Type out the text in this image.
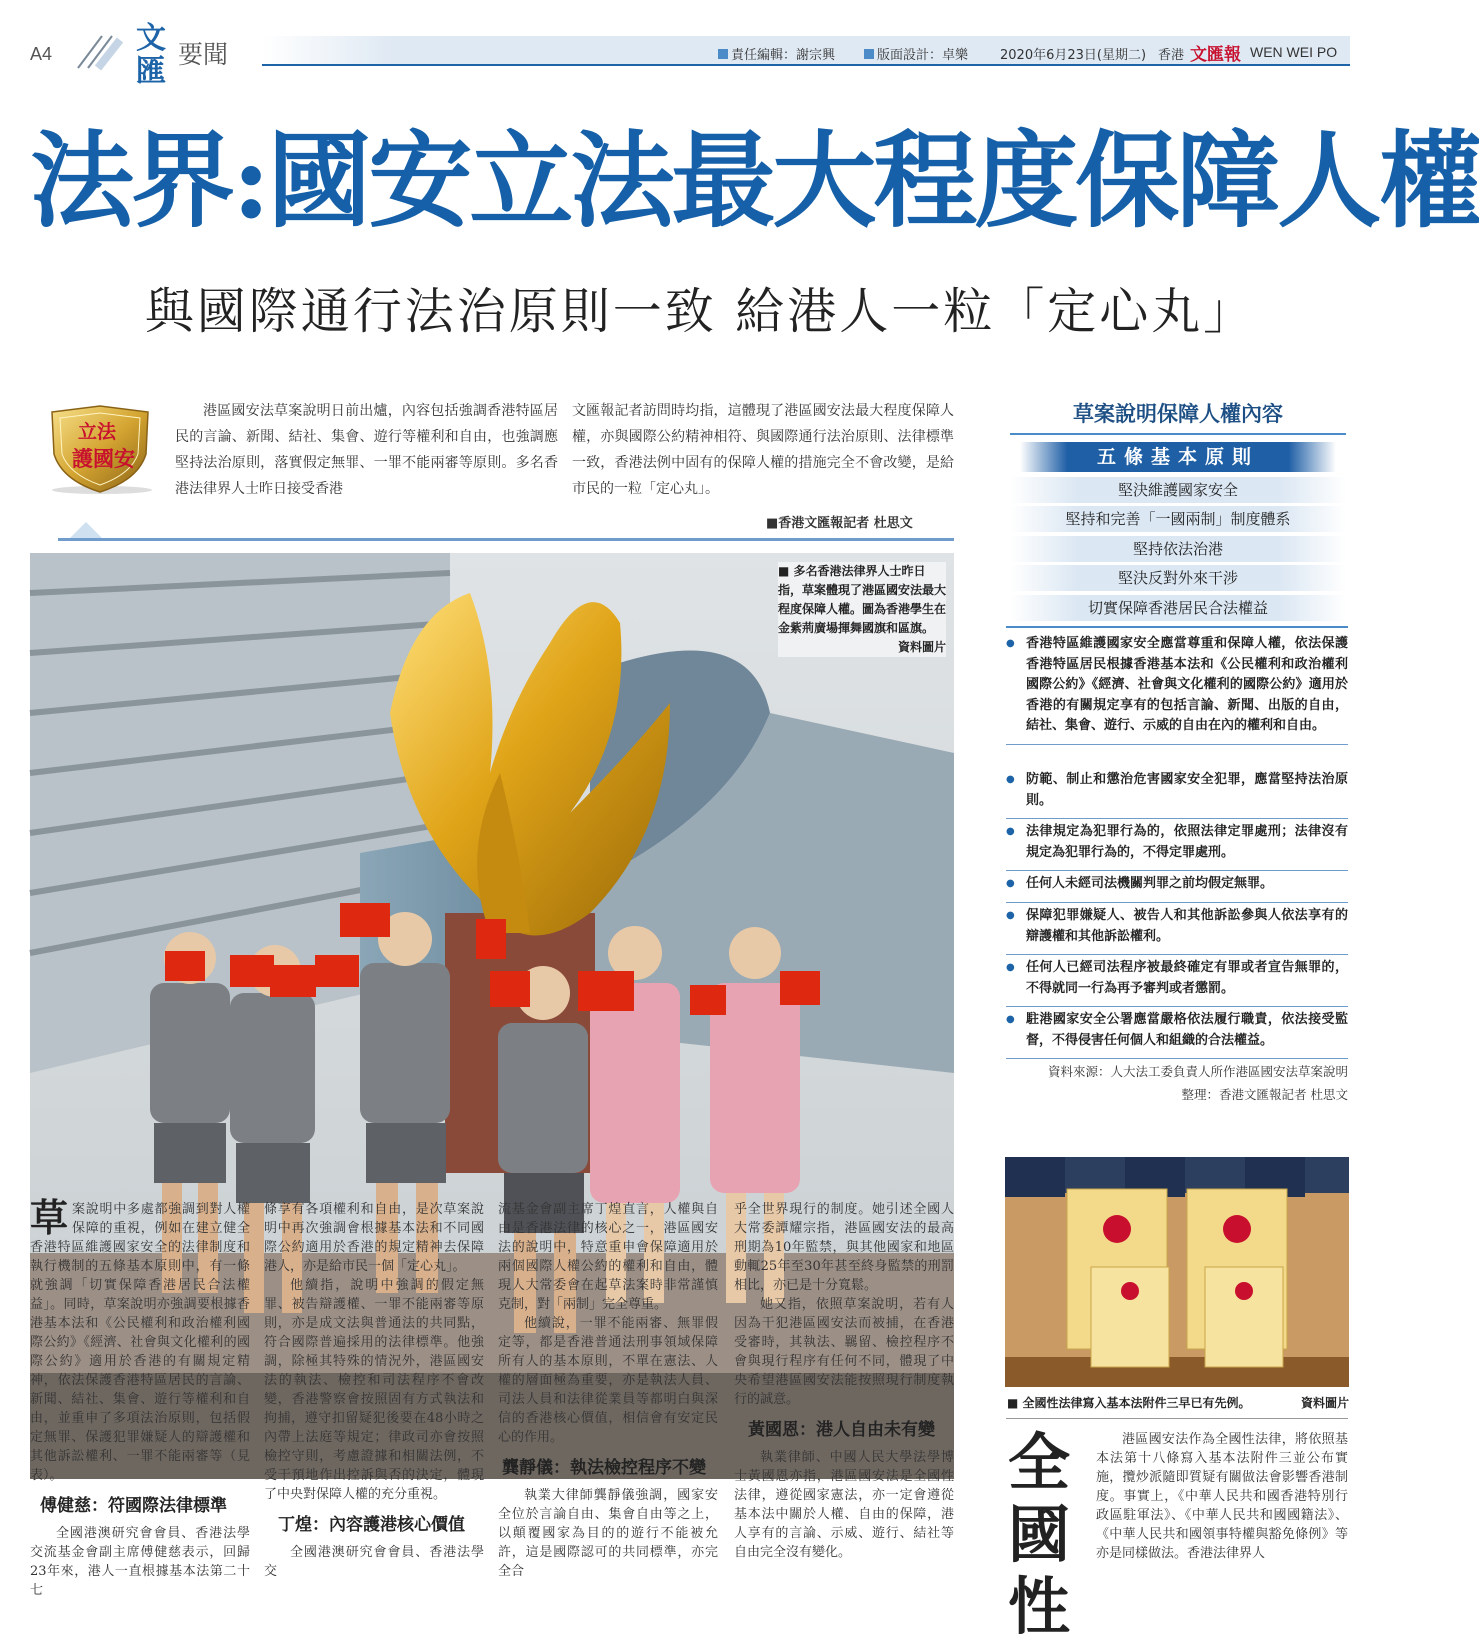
A4	文匯 要聞	責任編輯：謝宗興	版面設計：卓樂 2020年6月23日(星期二) 香港 文匯報 WEN WEI PO
法界:國安立法最大程度保障人權
與國際通行法治原則一致 給港人一粒「定心丸」
立法
護國安
港區國安法草案說明日前出爐，內容包括強調香港特區居民的言論、新聞、結社、集會、遊行等權利和自由，也強調應堅持法治原則，落實假定無罪、一罪不能兩審等原則。多名香港法律界人士昨日接受香港
文匯報記者訪問時均指，這體現了港區國安法最大程度保障人權，亦與國際公約精神相符、與國際通行法治原則、法律標準一致，香港法例中固有的保障人權的措施完全不會改變，是給市民的一粒「定心丸」。
■香港文匯報記者 杜思文
■ 多名香港法律界人士昨日指，草案體現了港區國安法最大程度保障人權。圖為香港學生在金紫荊廣場揮舞國旗和區旗。
資料圖片

草案說明中多處都強調到對人權保障的重視，例如在建立健全香港特區維護國家安全的法律制度和執行機制的五條基本原則中，有一條就強調「切實保障香港居民合法權益」。同時，草案說明亦強調要根據香港基本法和《公民權利和政治權利國際公約》《經濟、社會與文化權利的國際公約》適用於香港的有關規定精神，依法保護香港特區居民的言論、新聞、結社、集會、遊行等權利和自由，並重申了多項法治原則，包括假定無罪、保護犯罪嫌疑人的辯護權和其他訴訟權利、一罪不能兩審等（見表）。

傅健慈：符國際法律標準

全國港澳研究會會員、香港法學交流基金會副主席傅健慈表示，回歸23年來，港人一直根據基本法第二十七

條享有各項權利和自由，是次草案說明中再次強調會根據基本法和不同國際公約適用於香港的規定精神去保障港人，亦是給市民一個「定心丸」。

他續指，說明中強調的假定無罪、被告辯護權、一罪不能兩審等原則，亦是成文法與普通法的共同點，符合國際普遍採用的法律標準。他強調，除極其特殊的情況外，港區國安法的執法、檢控和司法程序不會改變，香港警察會按照固有方式執法和拘捕，遵守扣留疑犯後要在48小時之內帶上法庭等規定；律政司亦會按照檢控守則，考慮證據和相關法例，不受干預地作出控訴與否的決定，體現了中央對保障人權的充分重視。

丁煌：內容護港核心價值

全國港澳研究會會員、香港法學交

流基金會副主席丁煌直言，人權與自由是香港法律的核心之一，港區國安法的說明中，特意重申會保障適用於兩個國際人權公約的權利和自由，體現人大常委會在起草法案時非常謹慎克制，對「兩制」完全尊重。

他續說，一罪不能兩審、無罪假定等，都是香港普通法刑事領域保障所有人的基本原則，不單在憲法、人權的層面極為重要，亦是執法人員、司法人員和法律從業員等都明白與深信的香港核心價值，相信會有安定民心的作用。

龔靜儀：執法檢控程序不變

執業大律師龔靜儀強調，國家安全位於言論自由、集會自由等之上，以顛覆國家為目的的遊行不能被允許，這是國際認可的共同標準，亦完全合

乎全世界現行的制度。她引述全國人大常委譚耀宗指，港區國安法的最高刑期為10年監禁，與其他國家和地區動輒25年至30年甚至終身監禁的刑罰相比，亦已是十分寬鬆。

她又指，依照草案說明，若有人因為干犯港區國安法而被捕，在香港受審時，其執法、羈留、檢控程序不會與現行程序有任何不同，體現了中央希望港區國安法能按照現行制度執行的誠意。

黃國恩：港人自由未有變

執業律師、中國人民大學法學博士黃國恩亦指，港區國安法是全國性法律，遵從國家憲法，亦一定會遵從基本法中關於人權、自由的保障，港人享有的言論、示威、遊行、結社等自由完全沒有變化。

草案說明保障人權內容
五條基本原則
堅決維護國家安全
堅持和完善「一國兩制」制度體系
堅持依法治港
堅決反對外來干涉
切實保障香港居民合法權益
● 香港特區維護國家安全應當尊重和保障人權，依法保護香港特區居民根據香港基本法和《公民權利和政治權利國際公約》《經濟、社會與文化權利的國際公約》適用於香港的有關規定享有的包括言論、新聞、出版的自由，結社、集會、遊行、示威的自由在內的權利和自由。
● 防範、制止和懲治危害國家安全犯罪，應當堅持法治原則。
● 法律規定為犯罪行為的，依照法律定罪處刑；法律沒有規定為犯罪行為的，不得定罪處刑。
● 任何人未經司法機關判罪之前均假定無罪。
● 保障犯罪嫌疑人、被告人和其他訴訟參與人依法享有的辯護權和其他訴訟權利。
● 任何人已經司法程序被最終確定有罪或者宣告無罪的，不得就同一行為再予審判或者懲罰。
● 駐港國家安全公署應當嚴格依法履行職責，依法接受監督，不得侵害任何個人和組織的合法權益。
資料來源：人大法工委負責人所作港區國安法草案說明
整理：香港文匯報記者 杜思文
■ 全國性法律寫入基本法附件三早已有先例。	資料圖片
全國性

港區國安法作為全國性法律，將依照基本法第十八條寫入基本法附件三並公布實施，攬炒派隨即質疑有關做法會影響香港制度。事實上，《中華人民共和國香港特別行政區駐軍法》、《中華人民共和國國籍法》、《中華人民共和國領事特權與豁免條例》等亦是同樣做法。香港法律界人
